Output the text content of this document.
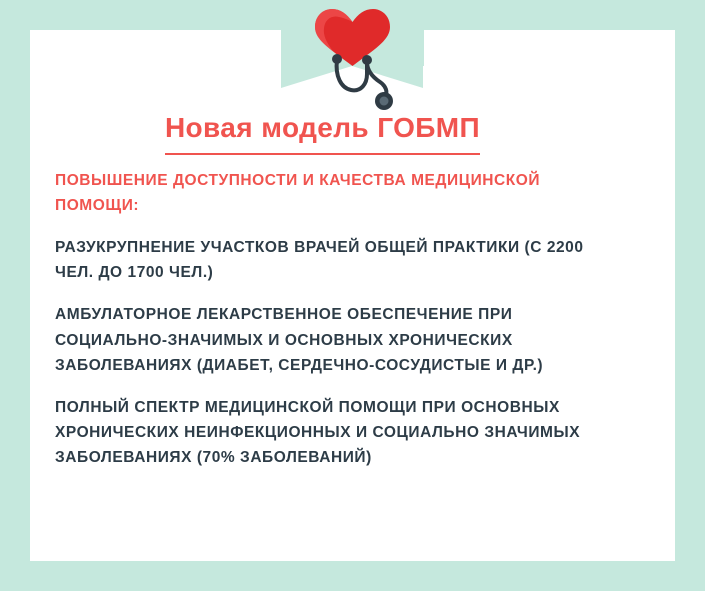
Новая модель ГОБМП

ПОВЫШЕНИЕ ДОСТУПНОСТИ И КАЧЕСТВА МЕДИЦИНСКОЙ ПОМОЩИ:

РАЗУКРУПНЕНИЕ УЧАСТКОВ ВРАЧЕЙ ОБЩЕЙ ПРАКТИКИ (С 2200 ЧЕЛ. ДО 1700 ЧЕЛ.)

АМБУЛАТОРНОЕ ЛЕКАРСТВЕННОЕ ОБЕСПЕЧЕНИЕ ПРИ СОЦИАЛЬНО-ЗНАЧИМЫХ И ОСНОВНЫХ ХРОНИЧЕСКИХ ЗАБОЛЕВАНИЯХ (ДИАБЕТ, СЕРДЕЧНО-СОСУДИСТЫЕ И ДР.)

ПОЛНЫЙ СПЕКТР МЕДИЦИНСКОЙ ПОМОЩИ ПРИ ОСНОВНЫХ ХРОНИЧЕСКИХ НЕИНФЕКЦИОННЫХ И СОЦИАЛЬНО ЗНАЧИМЫХ ЗАБОЛЕВАНИЯХ (70% ЗАБОЛЕВАНИЙ)
